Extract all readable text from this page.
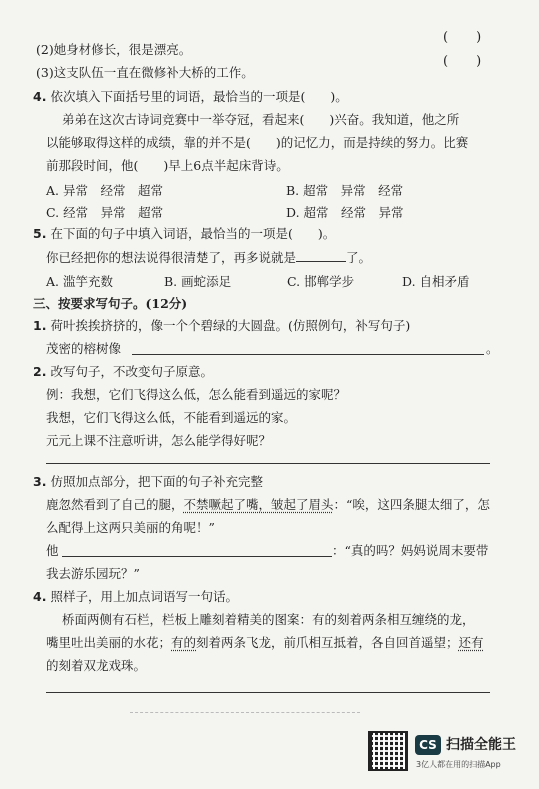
(2)她身材修长，很是漂亮。
( )
(3)这支队伍一直在微修补大桥的工作。
( )
4. 依次填入下面括号里的词语，最恰当的一项是(　　)。
弟弟在这次古诗词竞赛中一举夺冠，看起来(　　)兴奋。我知道，他之所
以能够取得这样的成绩，靠的并不是(　　)的记忆力，而是持续的努力。比赛
前那段时间，他(　　)早上6点半起床背诗。
A. 异常　经常　超常	B. 超常　异常　经常
C. 经常　异常　超常	D. 超常　经常　异常
5. 在下面的句子中填入词语，最恰当的一项是(　　)。
你已经把你的想法说得很清楚了，再多说就是	了。
A. 滥竽充数	B. 画蛇添足	C. 邯郸学步	D. 自相矛盾
三、按要求写句子。(12分)
1. 荷叶挨挨挤挤的，像一个个碧绿的大圆盘。(仿照例句，补写句子)
茂密的榕树像	。
2. 改写句子，不改变句子原意。
例：我想，它们飞得这么低，怎么能看到遥远的家呢？
我想，它们飞得这么低，不能看到遥远的家。
元元上课不注意听讲，怎么能学得好呢？
3. 仿照加点部分，把下面的句子补充完整
鹿忽然看到了自己的腿，不禁噘起了嘴，皱起了眉头：“唉，这四条腿太细了，怎
么配得上这两只美丽的角呢！”
他	：“真的吗？妈妈说周末要带
我去游乐园玩？”
4. 照样子，用上加点词语写一句话。
桥面两侧有石栏，栏板上雕刻着精美的图案：有的刻着两条相互缠绕的龙，
嘴里吐出美丽的水花；有的刻着两条飞龙，前爪相互抵着，各自回首遥望；还有
的刻着双龙戏珠。
CS 扫描全能王
3亿人都在用的扫描App
